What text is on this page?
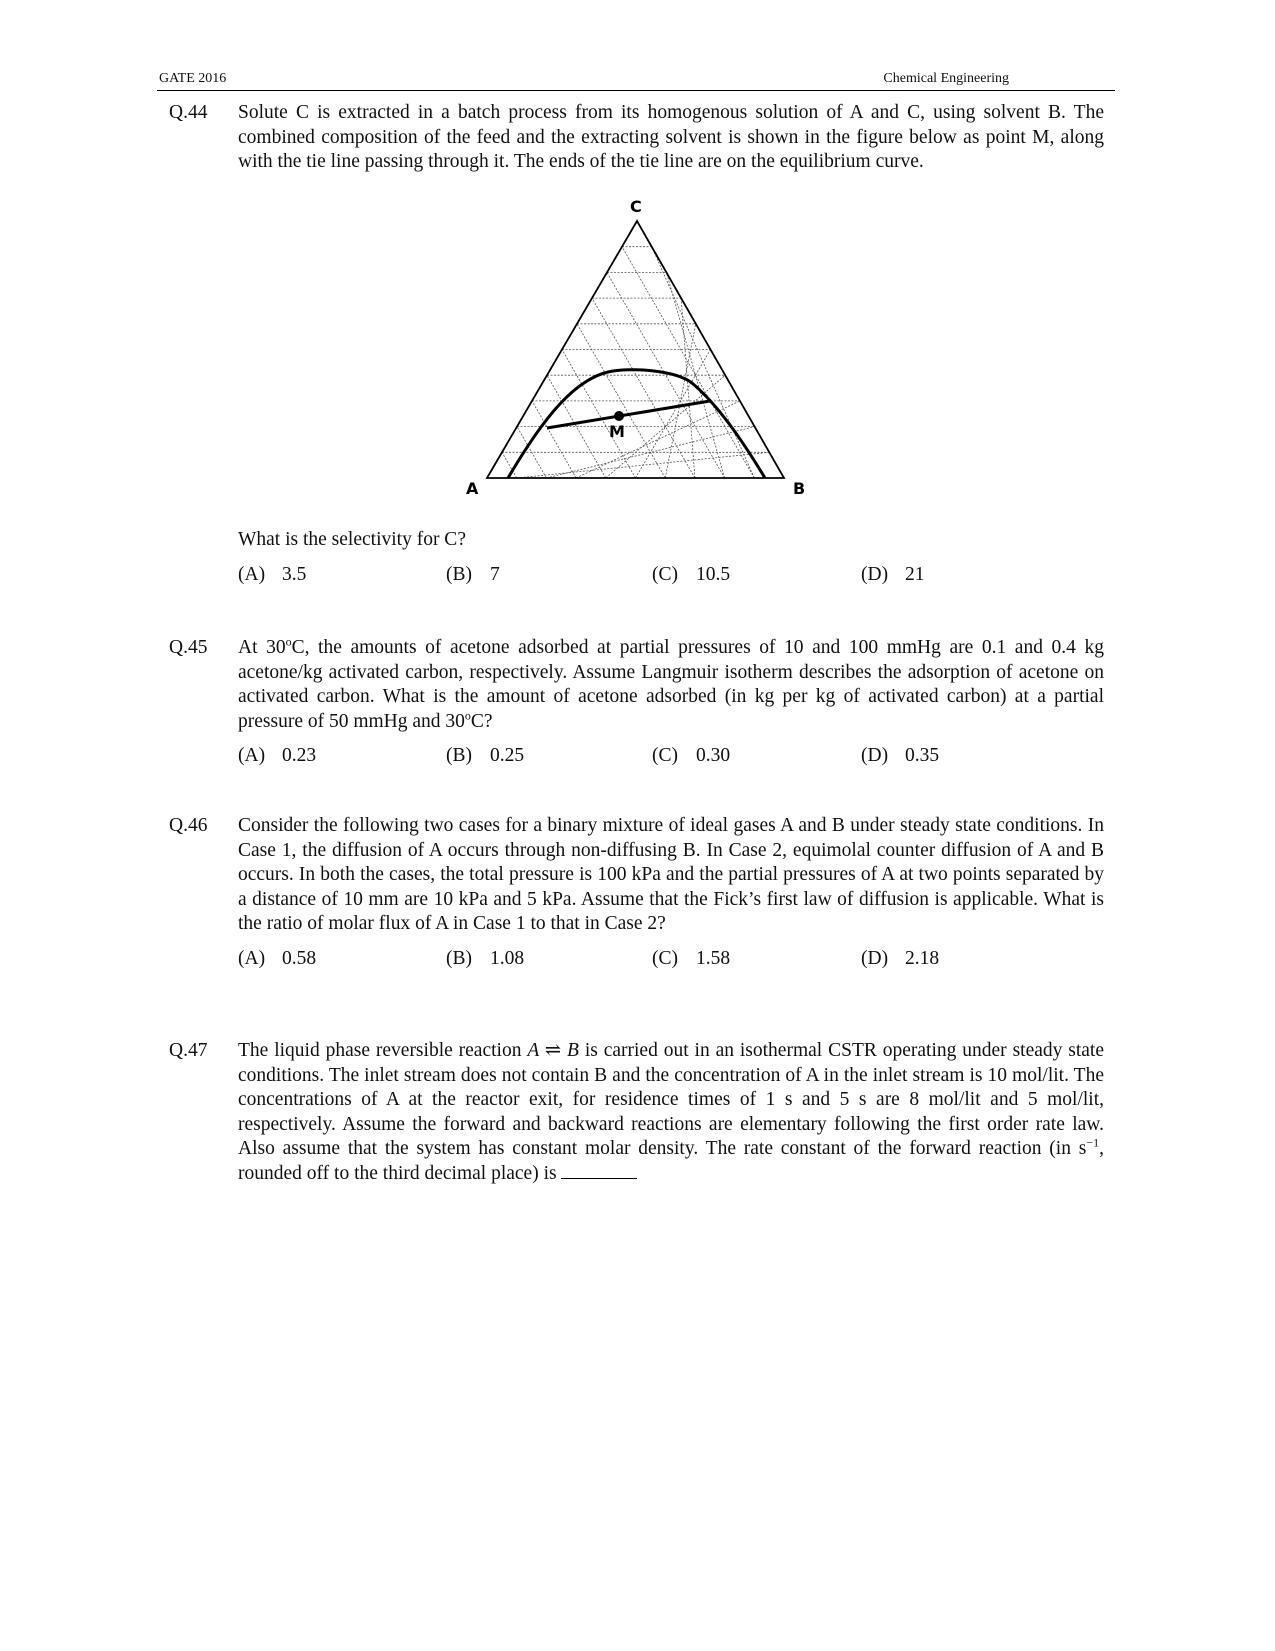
GATE 2016	Chemical Engineering
Q.44	Solute C is extracted in a batch process from its homogenous solution of A and C, using solvent B. The combined composition of the feed and the extracting solvent is shown in the figure below as point M, along with the tie line passing through it. The ends of the tie line are on the equilibrium curve.

C
A	B
M

What is the selectivity for C?

(A) 3.5	(B) 7	(C) 10.5	(D) 21
Q.45	At 30$^o$C, the amounts of acetone adsorbed at partial pressures of 10 and 100 mmHg are 0.1 and 0.4 kg acetone/kg activated carbon, respectively. Assume Langmuir isotherm describes the adsorption of acetone on activated carbon. What is the amount of acetone adsorbed (in kg per kg of activated carbon) at a partial pressure of 50 mmHg and 30$^o$C?

(A) 0.23	(B) 0.25	(C) 0.30	(D) 0.35
Q.46	Consider the following two cases for a binary mixture of ideal gases A and B under steady state conditions. In Case 1, the diffusion of A occurs through non-diffusing B. In Case 2, equimolal counter diffusion of A and B occurs. In both the cases, the total pressure is 100 kPa and the partial pressures of A at two points separated by a distance of 10 mm are 10 kPa and 5 kPa. Assume that the Fick’s first law of diffusion is applicable. What is the ratio of molar flux of A in Case 1 to that in Case 2?

(A) 0.58	(B) 1.08	(C) 1.58	(D) 2.18
Q.47	The liquid phase reversible reaction A ⇌ B is carried out in an isothermal CSTR operating under steady state conditions. The inlet stream does not contain B and the concentration of A in the inlet stream is 10 mol/lit. The concentrations of A at the reactor exit, for residence times of 1 s and 5 s are 8 mol/lit and 5 mol/lit, respectively. Assume the forward and backward reactions are elementary following the first order rate law. Also assume that the system has constant molar density. The rate constant of the forward reaction (in $s^{-1}$, rounded off to the third decimal place) is
